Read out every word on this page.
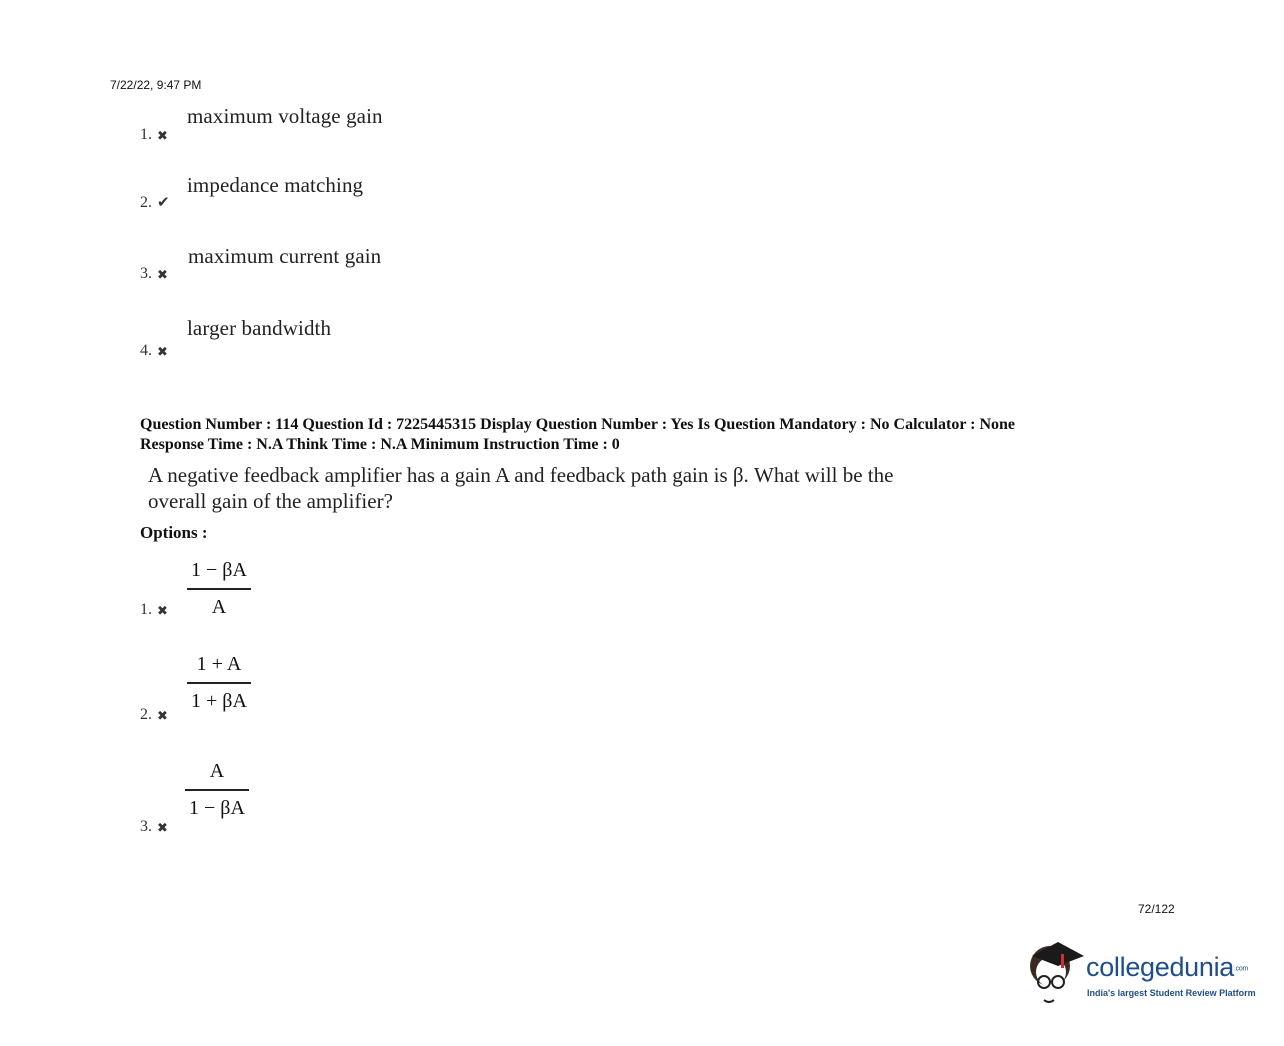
7/22/22, 9:47 PM
maximum voltage gain
1. ✖
impedance matching
2. ✔
maximum current gain
3. ✖
larger bandwidth
4. ✖
Question Number : 114 Question Id : 7225445315 Display Question Number : Yes Is Question Mandatory : No Calculator : None
Response Time : N.A Think Time : N.A Minimum Instruction Time : 0
A negative feedback amplifier has a gain A and feedback path gain is β. What will be the
overall gain of the amplifier?
Options :
$\frac{1 - \beta A}{A}$
1. ✖
$\frac{1 + A}{1 + \beta A}$
2. ✖
$\frac{A}{1 - \beta A}$
3. ✖
72/122
collegedunia.com
India's largest Student Review Platform
